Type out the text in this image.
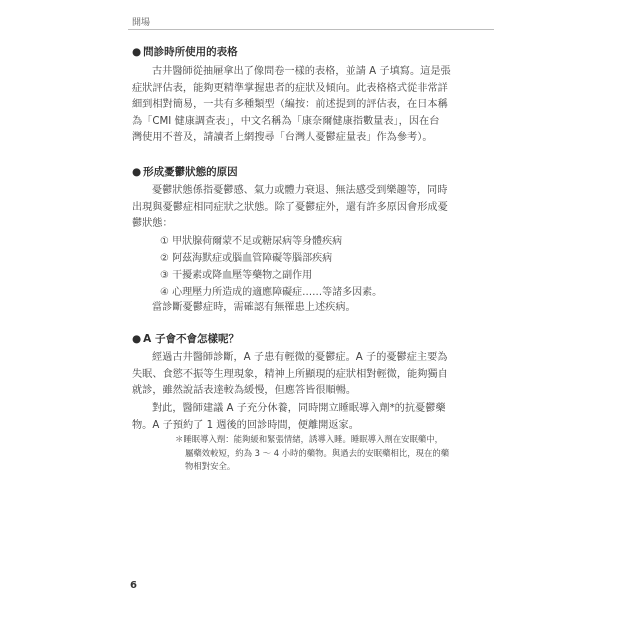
開場
● 問診時所使用的表格
古井醫師從抽屜拿出了像問卷一樣的表格，並請 A 子填寫。這是張
症狀評估表，能夠更精準掌握患者的症狀及傾向。此表格格式從非常詳
細到相對簡易，一共有多種類型（編按：前述提到的評估表，在日本稱
為「CMI 健康調查表」，中文名稱為「康奈爾健康指數量表」，因在台
灣使用不普及，請讀者上網搜尋「台灣人憂鬱症量表」作為參考）。
● 形成憂鬱狀態的原因
憂鬱狀態係指憂鬱感、氣力或體力衰退、無法感受到樂趣等，同時
出現與憂鬱症相同症狀之狀態。除了憂鬱症外，還有許多原因會形成憂
鬱狀態：
① 甲狀腺荷爾蒙不足或糖尿病等身體疾病
② 阿茲海默症或腦血管障礙等腦部疾病
③ 干擾素或降血壓等藥物之副作用
④ 心理壓力所造成的適應障礙症……等諸多因素。
當診斷憂鬱症時，需確認有無罹患上述疾病。
● A 子會不會怎樣呢？
經過古井醫師診斷，A 子患有輕微的憂鬱症。A 子的憂鬱症主要為
失眠、食慾不振等生理現象，精神上所顯現的症狀相對輕微，能夠獨自
就診，雖然說話表達較為緩慢，但應答皆很順暢。
對此，醫師建議 A 子充分休養，同時開立睡眠導入劑*的抗憂鬱藥
物。A 子預約了 1 週後的回診時間，便離開返家。
＊睡眠導入劑：能夠緩和緊張情緒，誘導入睡。睡眠導入劑在安眠藥中，
屬藥效較短，約為 3 ～ 4 小時的藥物。與過去的安眠藥相比，現在的藥
物相對安全。
6
